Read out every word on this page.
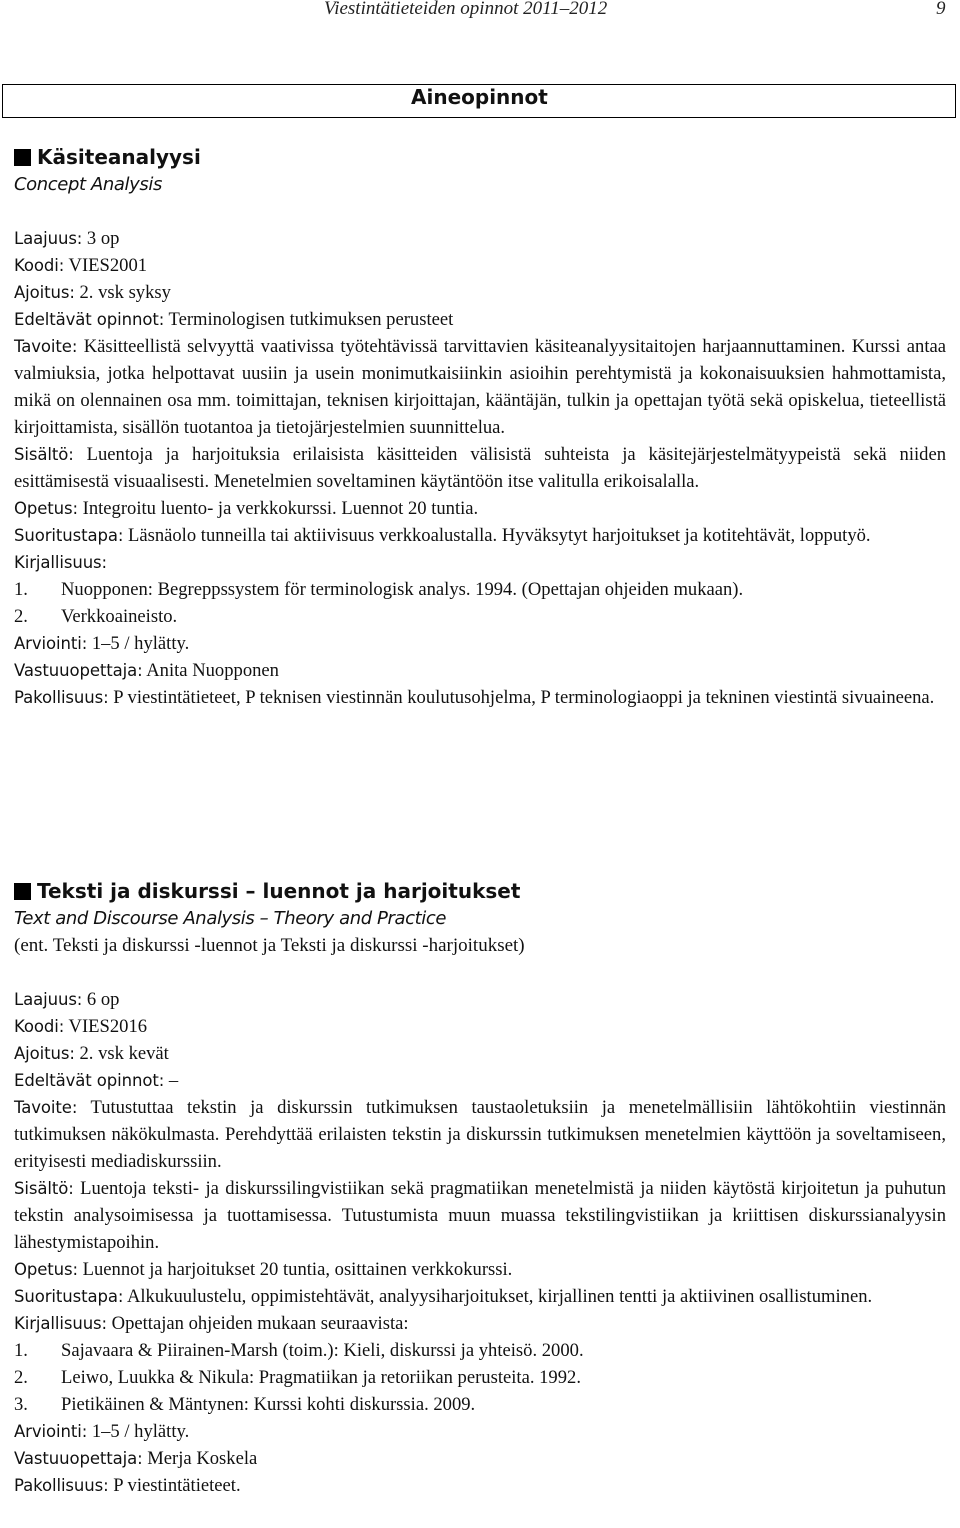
Viestintätieteiden opinnot 2011–2012	9
Aineopinnot
Käsiteanalyysi
Concept Analysis

Laajuus: 3 op

Koodi: VIES2001

Ajoitus: 2. vsk syksy

Edeltävät opinnot: Terminologisen tutkimuksen perusteet

Tavoite: Käsitteellistä selvyyttä vaativissa työtehtävissä tarvittavien käsiteanalyysitaitojen harjaannuttaminen. Kurssi antaa valmiuksia, jotka helpottavat uusiin ja usein monimutkaisiinkin asioihin perehtymistä ja kokonaisuuksien hahmottamista, mikä on olennainen osa mm. toimittajan, teknisen kirjoittajan, kääntäjän, tulkin ja opettajan työtä sekä opiskelua, tieteellistä kirjoittamista, sisällön tuotantoa ja tietojärjestelmien suunnittelua.

Sisältö: Luentoja ja harjoituksia erilaisista käsitteiden välisistä suhteista ja käsitejärjestelmätyypeistä sekä niiden esittämisestä visuaalisesti. Menetelmien soveltaminen käytäntöön itse valitulla erikoisalalla.

Opetus: Integroitu luento- ja verkkokurssi. Luennot 20 tuntia.

Suoritustapa: Läsnäolo tunneilla tai aktiivisuus verkkoalustalla. Hyväksytyt harjoitukset ja kotitehtävät, lopputyö.

Kirjallisuus:

1.	Nuopponen: Begreppssystem för terminologisk analys. 1994. (Opettajan ohjeiden mukaan).
2.	Verkkoaineisto.

Arviointi: 1–5 / hylätty.

Vastuuopettaja: Anita Nuopponen

Pakollisuus: P viestintätieteet, P teknisen viestinnän koulutusohjelma, P terminologiaoppi ja tekninen viestintä sivuaineena.

Teksti ja diskurssi – luennot ja harjoitukset
Text and Discourse Analysis – Theory and Practice
(ent. Teksti ja diskurssi -luennot ja Teksti ja diskurssi -harjoitukset)

Laajuus: 6 op

Koodi: VIES2016

Ajoitus: 2. vsk kevät

Edeltävät opinnot: –

Tavoite: Tutustuttaa tekstin ja diskurssin tutkimuksen taustaoletuksiin ja menetelmällisiin lähtökohtiin viestinnän tutkimuksen näkökulmasta. Perehdyttää erilaisten tekstin ja diskurssin tutkimuksen menetelmien käyttöön ja soveltamiseen, erityisesti mediadiskurssiin.

Sisältö: Luentoja teksti- ja diskurssilingvistiikan sekä pragmatiikan menetelmistä ja niiden käytöstä kirjoitetun ja puhutun tekstin analysoimisessa ja tuottamisessa. Tutustumista muun muassa tekstilingvistiikan ja kriittisen diskurssianalyysin lähestymistapoihin.

Opetus: Luennot ja harjoitukset 20 tuntia, osittainen verkkokurssi.

Suoritustapa: Alkukuulustelu, oppimistehtävät, analyysiharjoitukset, kirjallinen tentti ja aktiivinen osallistuminen.

Kirjallisuus: Opettajan ohjeiden mukaan seuraavista:

1.	Sajavaara & Piirainen-Marsh (toim.): Kieli, diskurssi ja yhteisö. 2000.
2.	Leiwo, Luukka & Nikula: Pragmatiikan ja retoriikan perusteita. 1992.
3.	Pietikäinen & Mäntynen: Kurssi kohti diskurssia. 2009.

Arviointi: 1–5 / hylätty.

Vastuuopettaja: Merja Koskela

Pakollisuus: P viestintätieteet.
